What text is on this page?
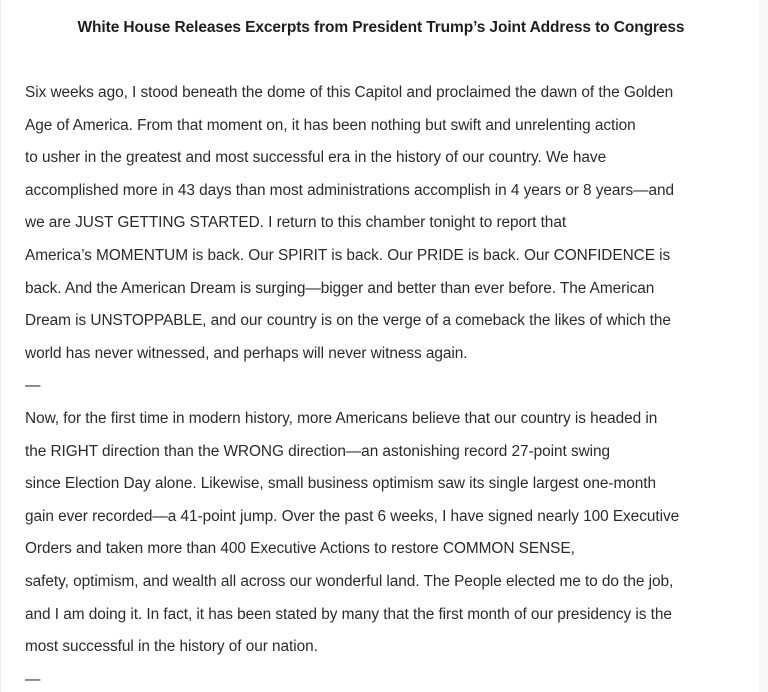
White House Releases Excerpts from President Trump’s Joint Address to Congress
Six weeks ago, I stood beneath the dome of this Capitol and proclaimed the dawn of the Golden
Age of America. From that moment on, it has been nothing but swift and unrelenting action
to usher in the greatest and most successful era in the history of our country. We have
accomplished more in 43 days than most administrations accomplish in 4 years or 8 years—and
we are JUST GETTING STARTED. I return to this chamber tonight to report that
America’s MOMENTUM is back. Our SPIRIT is back. Our PRIDE is back. Our CONFIDENCE is
back. And the American Dream is surging—bigger and better than ever before. The American
Dream is UNSTOPPABLE, and our country is on the verge of a comeback the likes of which the
world has never witnessed, and perhaps will never witness again.
—
Now, for the first time in modern history, more Americans believe that our country is headed in
the RIGHT direction than the WRONG direction—an astonishing record 27-point swing
since Election Day alone. Likewise, small business optimism saw its single largest one-month
gain ever recorded—a 41-point jump. Over the past 6 weeks, I have signed nearly 100 Executive
Orders and taken more than 400 Executive Actions to restore COMMON SENSE,
safety, optimism, and wealth all across our wonderful land. The People elected me to do the job,
and I am doing it. In fact, it has been stated by many that the first month of our presidency is the
most successful in the history of our nation.
—
